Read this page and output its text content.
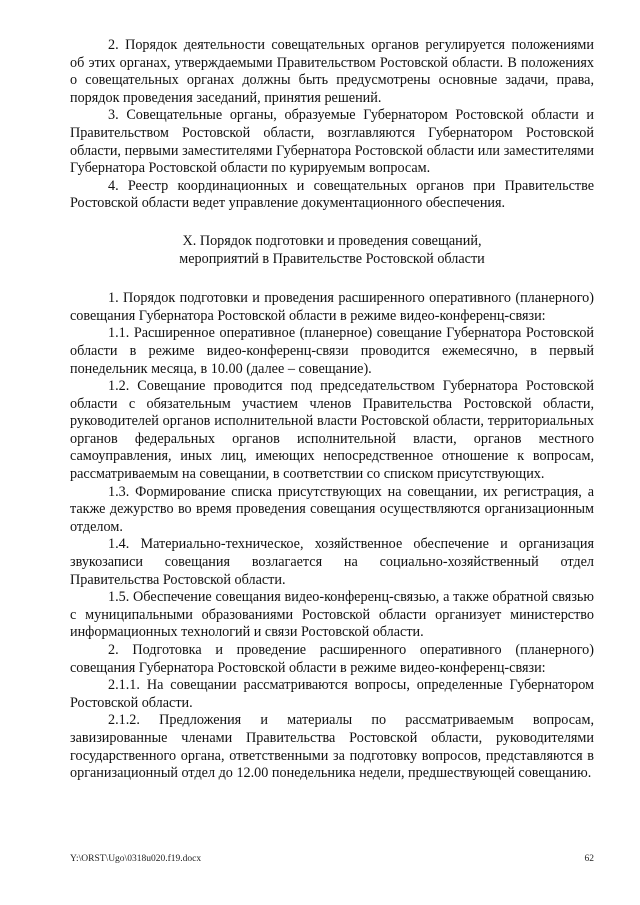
2. Порядок деятельности совещательных органов регулируется положениями об этих органах, утверждаемыми Правительством Ростовской области. В положениях о совещательных органах должны быть предусмотрены основные задачи, права, порядок проведения заседаний, принятия решений.

3. Совещательные органы, образуемые Губернатором Ростовской области и Правительством Ростовской области, возглавляются Губернатором Ростовской области, первыми заместителями Губернатора Ростовской области или заместителями Губернатора Ростовской области по курируемым вопросам.

4. Реестр координационных и совещательных органов при Правительстве Ростовской области ведет управление документационного обеспечения.

X. Порядок подготовки и проведения совещаний,
мероприятий в Правительстве Ростовской области

1. Порядок подготовки и проведения расширенного оперативного (планерного) совещания Губернатора Ростовской области в режиме видео-конференц-связи:

1.1. Расширенное оперативное (планерное) совещание Губернатора Ростовской области в режиме видео-конференц-связи проводится ежемесячно, в первый понедельник месяца, в 10.00 (далее – совещание).

1.2. Совещание проводится под председательством Губернатора Ростовской области с обязательным участием членов Правительства Ростовской области, руководителей органов исполнительной власти Ростовской области, территориальных органов федеральных органов исполнительной власти, органов местного самоуправления, иных лиц, имеющих непосредственное отношение к вопросам, рассматриваемым на совещании, в соответствии со списком присутствующих.

1.3. Формирование списка присутствующих на совещании, их регистрация, а также дежурство во время проведения совещания осуществляются организационным отделом.

1.4. Материально-техническое, хозяйственное обеспечение и организация звукозаписи совещания возлагается на социально-хозяйственный отдел Правительства Ростовской области.

1.5. Обеспечение совещания видео-конференц-связью, а также обратной связью с муниципальными образованиями Ростовской области организует министерство информационных технологий и связи Ростовской области.

2. Подготовка и проведение расширенного оперативного (планерного) совещания Губернатора Ростовской области в режиме видео-конференц-связи:

2.1.1. На совещании рассматриваются вопросы, определенные Губернатором Ростовской области.

2.1.2. Предложения и материалы по рассматриваемым вопросам, завизированные членами Правительства Ростовской области, руководителями государственного органа, ответственными за подготовку вопросов, представляются в организационный отдел до 12.00 понедельника недели, предшествующей совещанию.

Y:\ORST\Ugo\0318u020.f19.docx	62
